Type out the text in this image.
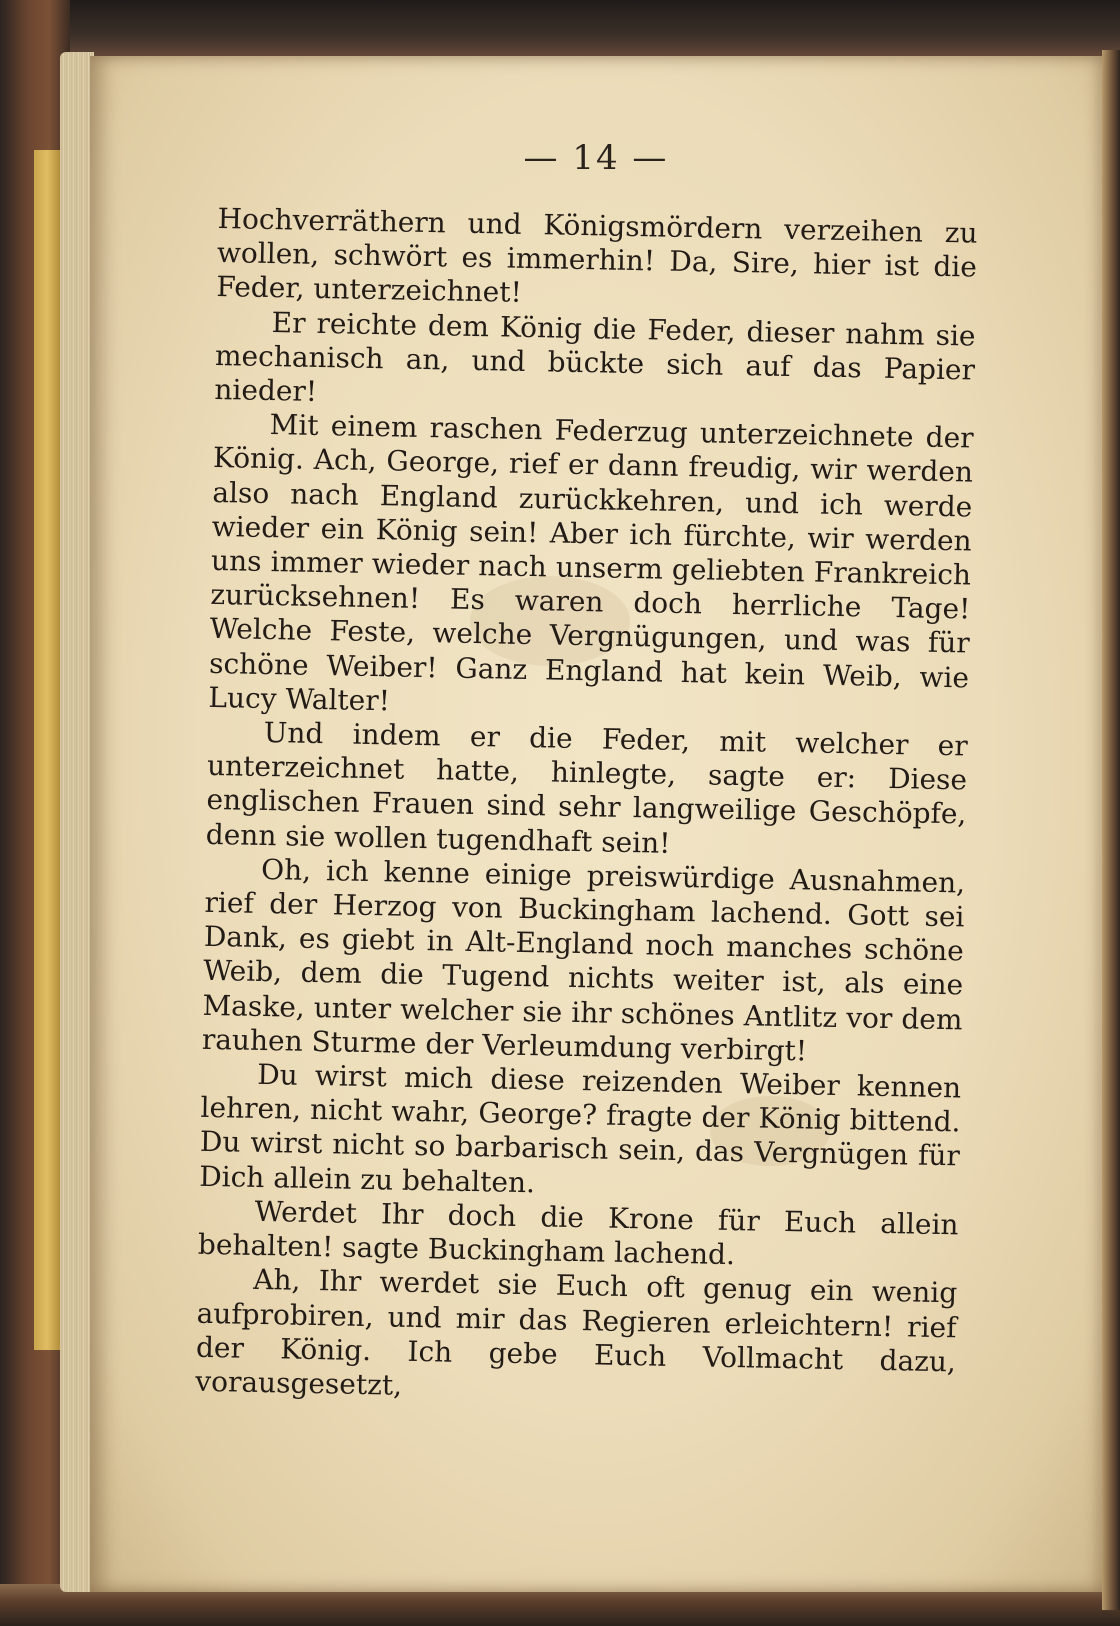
— 14 —

Hochverräthern und Königsmördern verzeihen zu wollen, schwört es immerhin! Da, Sire, hier ist die Feder, unterzeichnet!

Er reichte dem König die Feder, dieser nahm sie mechanisch an, und bückte sich auf das Papier nieder!

Mit einem raschen Federzug unterzeichnete der König. Ach, George, rief er dann freudig, wir werden also nach England zurückkehren, und ich werde wieder ein König sein! Aber ich fürchte, wir werden uns immer wieder nach unserm geliebten Frankreich zurücksehnen! Es waren doch herrliche Tage! Welche Feste, welche Vergnügungen, und was für schöne Weiber! Ganz England hat kein Weib, wie Lucy Walter!

Und indem er die Feder, mit welcher er unterzeichnet hatte, hinlegte, sagte er: Diese englischen Frauen sind sehr langweilige Geschöpfe, denn sie wollen tugendhaft sein!

Oh, ich kenne einige preiswürdige Ausnahmen, rief der Herzog von Buckingham lachend. Gott sei Dank, es giebt in Alt-England noch manches schöne Weib, dem die Tugend nichts weiter ist, als eine Maske, unter welcher sie ihr schönes Antlitz vor dem rauhen Sturme der Verleumdung verbirgt!

Du wirst mich diese reizenden Weiber kennen lehren, nicht wahr, George? fragte der König bittend. Du wirst nicht so barbarisch sein, das Vergnügen für Dich allein zu behalten.

Werdet Ihr doch die Krone für Euch allein behalten! sagte Buckingham lachend.

Ah, Ihr werdet sie Euch oft genug ein wenig aufprobiren, und mir das Regieren erleichtern! rief der König. Ich gebe Euch Vollmacht dazu, vorausgesetzt,
